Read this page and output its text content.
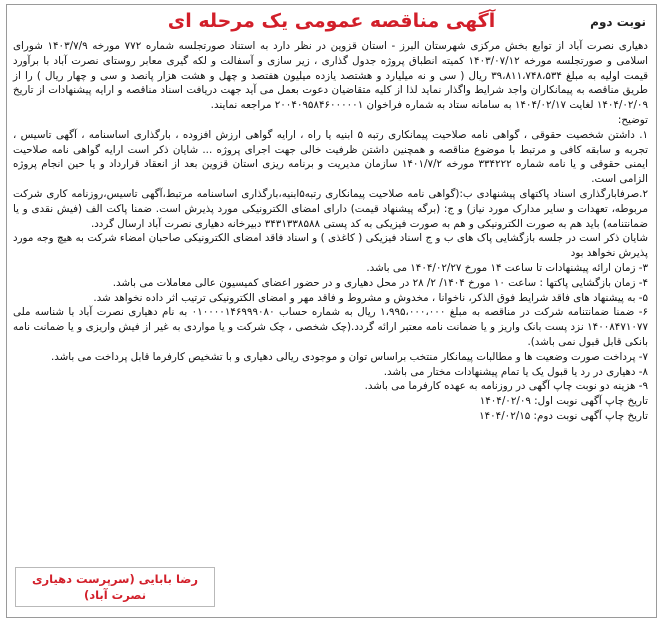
آگهی مناقصه عمومی یک مرحله ای	نوبت دوم

دهیاری نصرت آباد از توابع بخش مرکزی شهرستان البرز - استان قزوین در نظر دارد به استناد صورتجلسه شماره ۷۷۲ مورخه ۱۴۰۳/۷/۹ شورای اسلامی و صورتجلسه مورخه ۱۴۰۳/۰۷/۱۲ کمیته انطباق پروژه جدول گذاری ، زیر سازی و آسفالت و لکه گیری معابر روستای نصرت آباد با برآورد قیمت اولیه به مبلغ ۳۹،۸۱۱،۷۴۸،۵۳۴ ریال ( سی و نه میلیارد و هشتصد یازده میلیون هفتصد و چهل و هشت هزار پانصد و سی و چهار ریال ) را از طریق مناقصه به پیمانکاران واجد شرایط واگذار نماید لذا از کلیه متقاضیان دعوت بعمل می آید جهت دریافت اسناد مناقصه و ارایه پیشنهادات از تاریخ ۱۴۰۴/۰۲/۰۹ لغایت ۱۴۰۴/۰۲/۱۷ به سامانه ستاد به شماره فراخوان ۲۰۰۴۰۹۵۸۴۶۰۰۰۰۰۱ مراجعه نمایند.

توضیح:

۱. داشتن شخصیت حقوقی ، گواهی نامه صلاحیت پیمانکاری رتبه ۵ ابنیه یا راه ، ارایه گواهی ارزش افزوده ، بارگذاری اساسنامه ، آگهی تاسیس ، تجربه و سابقه کافی و مرتبط با موضوع مناقصه و همچنین داشتن ظرفیت خالی جهت اجرای پروژه ... شایان ذکر است ارایه گواهی نامه صلاحیت ایمنی حقوقی و یا نامه شماره ۳۳۴۲۲۲ مورخه ۱۴۰۱/۷/۲ سازمان مدیریت و برنامه ریزی استان قزوین بعد از انعقاد قرارداد و یا حین انجام پروژه الزامی است.

۲.صرفابارگذاری اسناد پاکتهای پیشنهادی ب:(گواهی نامه صلاحیت پیمانکاری رتبه۵ابنیه،بارگذاری اساسنامه مرتبط،آگهی تاسیس،روزنامه کاری شرکت مربوطه، تعهدات و سایر مدارک مورد نیاز) و ج: (برگه پیشنهاد قیمت) دارای امضای الکترونیکی مورد پذیرش است. ضمنا پاکت الف (فیش نقدی و یا ضمانتنامه) باید هم به صورت الکترونیکی و هم به صورت فیزیکی به کد پستی ۳۴۳۱۳۳۸۵۸۸ دبیرخانه دهیاری نصرت آباد ارسال گردد.

شایان ذکر است در جلسه بازگشایی پاک های ب و ج اسناد فیزیکی ( کاغذی ) و اسناد فاقد امضای الکترونیکی صاحبان امضاء شرکت به هیچ وجه مورد پذیرش نخواهد بود

۳- زمان ارائه پیشنهادات تا ساعت ۱۴ مورخ ۱۴۰۴/۰۲/۲۷ می باشد.

۴- زمان بازگشایی پاکتها : ساعت ۱۰ مورخ ۱۴۰۴/ ۲/ ۲۸ در محل دهیاری و در حضور اعضای کمیسیون عالی معاملات می باشد.

۵- به پیشنهاد های فاقد شرایط فوق الذکر، ناخوانا ، مخدوش و مشروط و فاقد مهر و امضای الکترونیکی ترتیب اثر داده نخواهد شد.

۶- ضمنا ضمانتنامه شرکت در مناقصه به مبلغ ۱،۹۹۵،۰۰۰،۰۰۰ ریال به شماره حساب ۰۱۰۰۰۰۱۴۶۹۹۹۰۸۰ به نام دهیاری نصرت آباد با شناسه ملی ۱۴۰۰۸۴۷۱۰۷۷ نزد پست بانک واریز و یا ضمانت نامه معتبر ارائه گردد.(چک شخصی ، چک شرکت و یا مواردی به غیر از فیش واریزی و یا ضمانت نامه بانکی قابل قبول نمی باشد).

۷- پرداخت صورت وضعیت ها و مطالبات پیمانکار منتخب براساس توان و موجودی ریالی دهیاری و با تشخیص کارفرما قابل پرداخت می باشد.

۸- دهیاری در رد یا قبول یک یا تمام پیشنهادات مختار می باشد.

۹- هزینه دو نوبت چاپ آگهی در روزنامه به عهده کارفرما می باشد.

تاریخ چاپ آگهی نوبت اول: ۱۴۰۴/۰۲/۰۹

تاریخ چاپ آگهی نوبت دوم: ۱۴۰۴/۰۲/۱۵

رضا بابایی (سرپرست دهیاری نصرت آباد)
